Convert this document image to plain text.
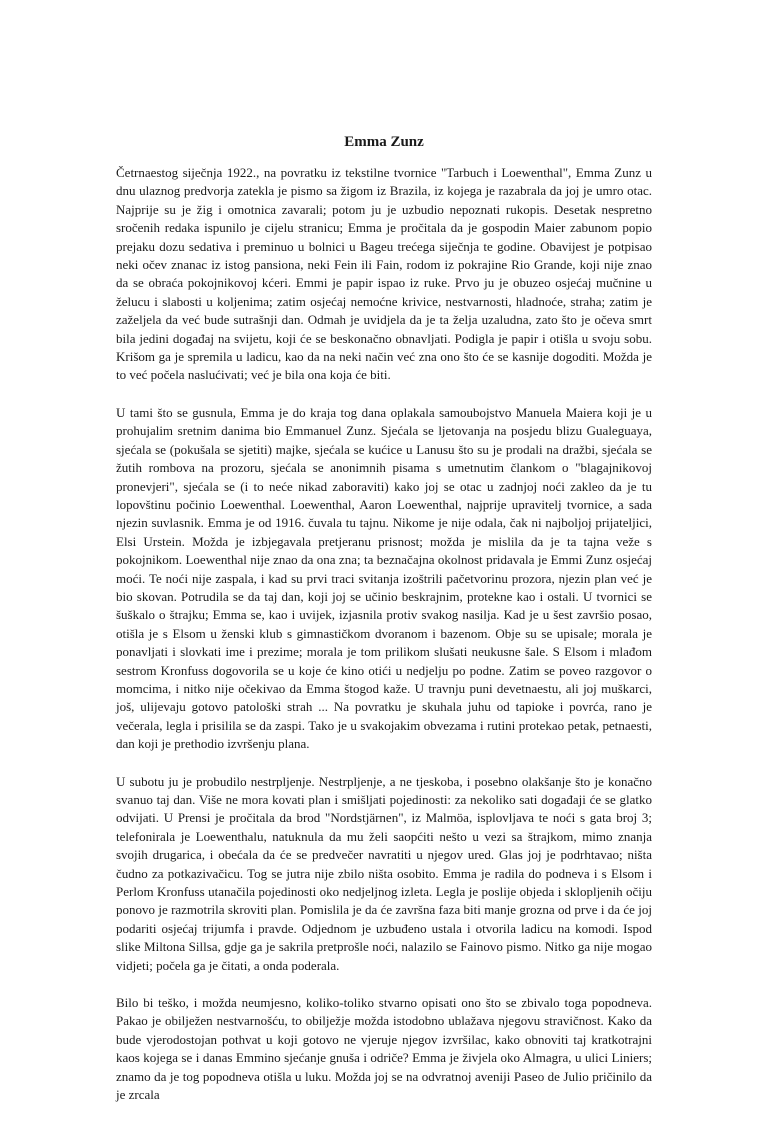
Emma Zunz

Četrnaestog siječnja 1922., na povratku iz tekstilne tvornice "Tarbuch i Loewenthal", Emma Zunz u dnu ulaznog predvorja zatekla je pismo sa žigom iz Brazila, iz kojega je razabrala da joj je umro otac. Najprije su je žig i omotnica zavarali; potom ju je uzbudio nepoznati rukopis. Desetak nespretno sročenih redaka ispunilo je cijelu stranicu; Emma je pročitala da je gospodin Maier zabunom popio prejaku dozu sedativa i preminuo u bolnici u Bageu trećega siječnja te godine. Obavijest je potpisao neki očev znanac iz istog pansiona, neki Fein ili Fain, rodom iz pokrajine Rio Grande, koji nije znao da se obraća pokojnikovoj kćeri. Emmi je papir ispao iz ruke. Prvo ju je obuzeo osjećaj mučnine u želucu i slabosti u koljenima; zatim osjećaj nemoćne krivice, nestvarnosti, hladnoće, straha; zatim je zaželjela da već bude sutrašnji dan. Odmah je uvidjela da je ta želja uzaludna, zato što je očeva smrt bila jedini događaj na svijetu, koji će se beskonačno obnavljati. Podigla je papir i otišla u svoju sobu. Krišom ga je spremila u ladicu, kao da na neki način već zna ono što će se kasnije dogoditi. Možda je to već počela naslućivati; već je bila ona koja će biti.

U tami što se gusnula, Emma je do kraja tog dana oplakala samoubojstvo Manuela Maiera koji je u prohujalim sretnim danima bio Emmanuel Zunz. Sjećala se ljetovanja na posjedu blizu Gualeguaya, sjećala se (pokušala se sjetiti) majke, sjećala se kućice u Lanusu što su je prodali na dražbi, sjećala se žutih rombova na prozoru, sjećala se anonimnih pisama s umetnutim člankom o "blagajnikovoj pronevjeri", sjećala se (i to neće nikad zaboraviti) kako joj se otac u zadnjoj noći zakleo da je tu lopovštinu počinio Loewenthal. Loewenthal, Aaron Loewenthal, najprije upravitelj tvornice, a sada njezin suvlasnik. Emma je od 1916. čuvala tu tajnu. Nikome je nije odala, čak ni najboljoj prijateljici, Elsi Urstein. Možda je izbjegavala pretjeranu prisnost; možda je mislila da je ta tajna veže s pokojnikom. Loewenthal nije znao da ona zna; ta beznačajna okolnost pridavala je Emmi Zunz osjećaj moći. Te noći nije zaspala, i kad su prvi traci svitanja izoštrili pačetvorinu prozora, njezin plan već je bio skovan. Potrudila se da taj dan, koji joj se učinio beskrajnim, protekne kao i ostali. U tvornici se šuškalo o štrajku; Emma se, kao i uvijek, izjasnila protiv svakog nasilja. Kad je u šest završio posao, otišla je s Elsom u ženski klub s gimnastičkom dvoranom i bazenom. Obje su se upisale; morala je ponavljati i slovkati ime i prezime; morala je tom prilikom slušati neukusne šale. S Elsom i mlađom sestrom Kronfuss dogovorila se u koje će kino otići u nedjelju po podne. Zatim se poveo razgovor o momcima, i nitko nije očekivao da Emma štogod kaže. U travnju puni devetnaestu, ali joj muškarci, još, ulijevaju gotovo patološki strah ... Na povratku je skuhala juhu od tapioke i povrća, rano je večerala, legla i prisilila se da zaspi. Tako je u svakojakim obvezama i rutini protekao petak, petnaesti, dan koji je prethodio izvršenju plana.

U subotu ju je probudilo nestrpljenje. Nestrpljenje, a ne tjeskoba, i posebno olakšanje što je konačno svanuo taj dan. Više ne mora kovati plan i smišljati pojedinosti: za nekoliko sati događaji će se glatko odvijati. U Prensi je pročitala da brod "Nordstjärnen", iz Malmöa, isplovljava te noći s gata broj 3; telefonirala je Loewenthalu, natuknula da mu želi saopćiti nešto u vezi sa štrajkom, mimo znanja svojih drugarica, i obećala da će se predvečer navratiti u njegov ured. Glas joj je podrhtavao; ništa čudno za potkazivačicu. Tog se jutra nije zbilo ništa osobito. Emma je radila do podneva i s Elsom i Perlom Kronfuss utanačila pojedinosti oko nedjeljnog izleta. Legla je poslije objeda i sklopljenih očiju ponovo je razmotrila skroviti plan. Pomislila je da će završna faza biti manje grozna od prve i da će joj podariti osjećaj trijumfa i pravde. Odjednom je uzbuđeno ustala i otvorila ladicu na komodi. Ispod slike Miltona Sillsa, gdje ga je sakrila pretprošle noći, nalazilo se Fainovo pismo. Nitko ga nije mogao vidjeti; počela ga je čitati, a onda poderala.

Bilo bi teško, i možda neumjesno, koliko-toliko stvarno opisati ono što se zbivalo toga popodneva. Pakao je obilježen nestvarnošću, to obilježje možda istodobno ublažava njegovu stravičnost. Kako da bude vjerodostojan pothvat u koji gotovo ne vjeruje njegov izvršilac, kako obnoviti taj kratkotrajni kaos kojega se i danas Emmino sjećanje gnuša i odriče? Emma je živjela oko Almagra, u ulici Liniers; znamo da je tog popodneva otišla u luku. Možda joj se na odvratnoj aveniji Paseo de Julio pričinilo da je zrcala
